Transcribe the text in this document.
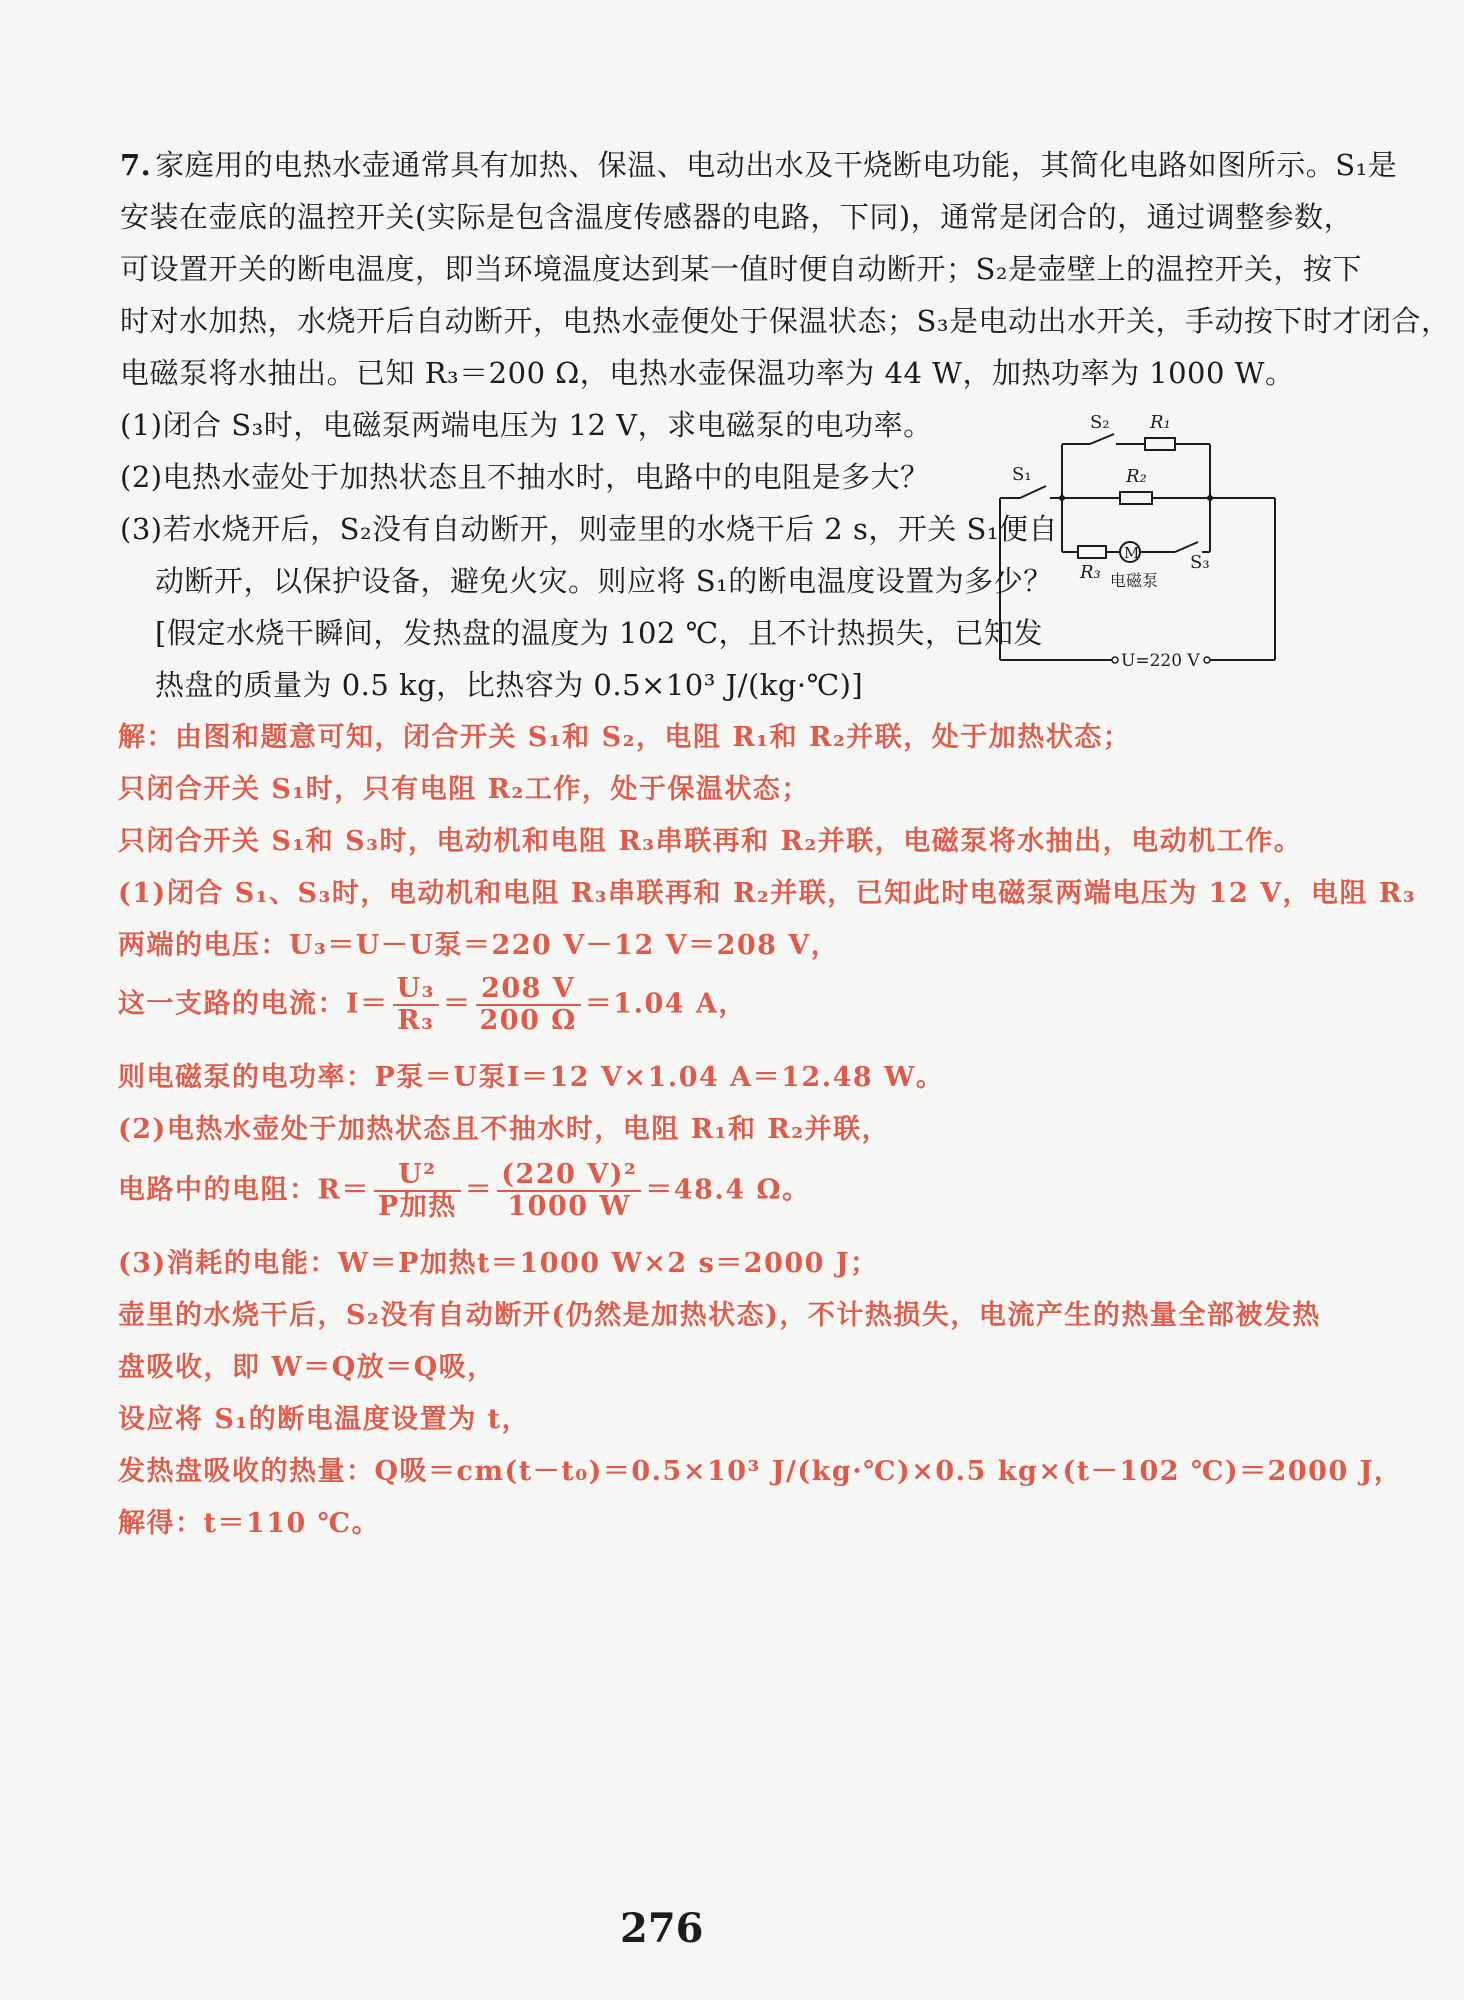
7. 家庭用的电热水壶通常具有加热、保温、电动出水及干烧断电功能，其简化电路如图所示。S₁是
安装在壶底的温控开关(实际是包含温度传感器的电路，下同)，通常是闭合的，通过调整参数，
可设置开关的断电温度，即当环境温度达到某一值时便自动断开；S₂是壶壁上的温控开关，按下
时对水加热，水烧开后自动断开，电热水壶便处于保温状态；S₃是电动出水开关，手动按下时才闭合，
电磁泵将水抽出。已知 R₃＝200 Ω，电热水壶保温功率为 44 W，加热功率为 1000 W。
(1)闭合 S₃时，电磁泵两端电压为 12 V，求电磁泵的电功率。
(2)电热水壶处于加热状态且不抽水时，电路中的电阻是多大？
(3)若水烧开后，S₂没有自动断开，则壶里的水烧干后 2 s，开关 S₁便自
动断开，以保护设备，避免火灾。则应将 S₁的断电温度设置为多少？
[假定水烧干瞬间，发热盘的温度为 102 ℃，且不计热损失，已知发
热盘的质量为 0.5 kg，比热容为 0.5×10³ J/(kg·℃)]
S₂ R₁
R₂
S₁
R₃
M	S₃
电磁泵
U=220 V
解：由图和题意可知，闭合开关 S₁和 S₂，电阻 R₁和 R₂并联，处于加热状态；
只闭合开关 S₁时，只有电阻 R₂工作，处于保温状态；
只闭合开关 S₁和 S₃时，电动机和电阻 R₃串联再和 R₂并联，电磁泵将水抽出，电动机工作。
(1)闭合 S₁、S₃时，电动机和电阻 R₃串联再和 R₂并联，已知此时电磁泵两端电压为 12 V，电阻 R₃
两端的电压：U₃＝U－U泵＝220 V－12 V＝208 V，
这一支路的电流：$I= \frac{\text{U₃}}{\text{R₃}} = \frac{208 V}{200 \Omega} =1.04$ A，
则电磁泵的电功率：P泵＝U泵I＝12 V×1.04 A＝12.48 W。
(2)电热水壶处于加热状态且不抽水时，电阻 R₁和 R₂并联，
电路中的电阻：$R= \frac{\text{U²}}{\text{P加热}} = \frac{\text{(220 V)²}}{1000 W} =48.4$ Ω。
(3)消耗的电能：W＝P加热t＝1000 W×2 s＝2000 J；
壶里的水烧干后，S₂没有自动断开(仍然是加热状态)，不计热损失，电流产生的热量全部被发热
盘吸收，即 W＝Q放＝Q吸，
设应将 S₁的断电温度设置为 t，
发热盘吸收的热量：Q吸＝cm(t－t₀)＝0.5×10³ J/(kg·℃)×0.5 kg×(t－102 ℃)＝2000 J，
解得：t＝110 ℃。
276
